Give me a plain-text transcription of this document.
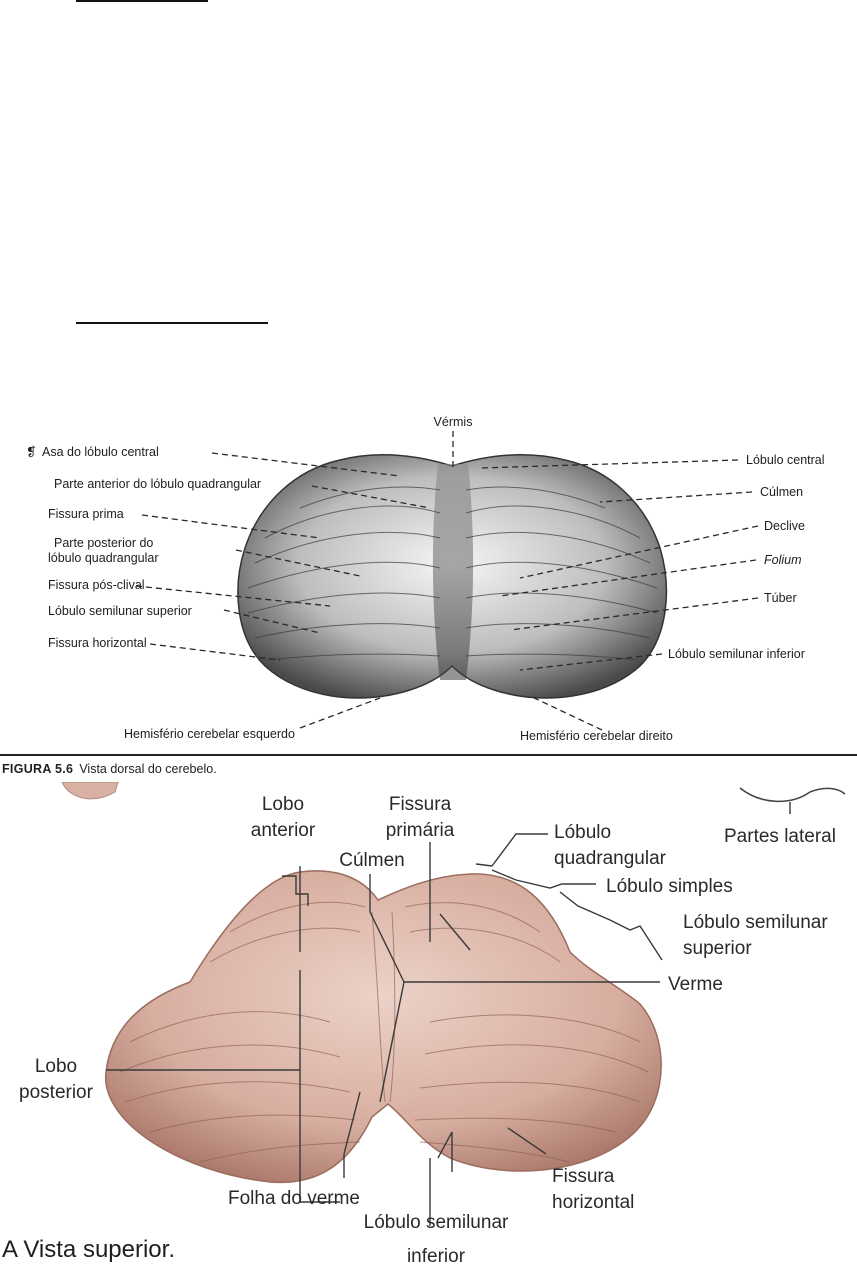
Vérmis
❡ Asa do lóbulo central
Parte anterior do lóbulo quadrangular
Fissura prima
Parte posterior do
lóbulo quadrangular
Fissura pós-clival
Lóbulo semilunar superior
Fissura horizontal
Hemisfério cerebelar esquerdo
Lóbulo central
Cúlmen
Declive
Folium
Túber
Lóbulo semilunar inferior
Hemisfério cerebelar direito
FIGURA 5.6 Vista dorsal do cerebelo.
Lobo
anterior
Fissura
primária
Cúlmen
Lóbulo
quadrangular
Partes lateral
Lóbulo simples
Lóbulo semilunar
superior
Verme
Lobo
posterior
Folha do verme
Fissura
horizontal
Lóbulo semilunar
inferior
A Vista superior.
